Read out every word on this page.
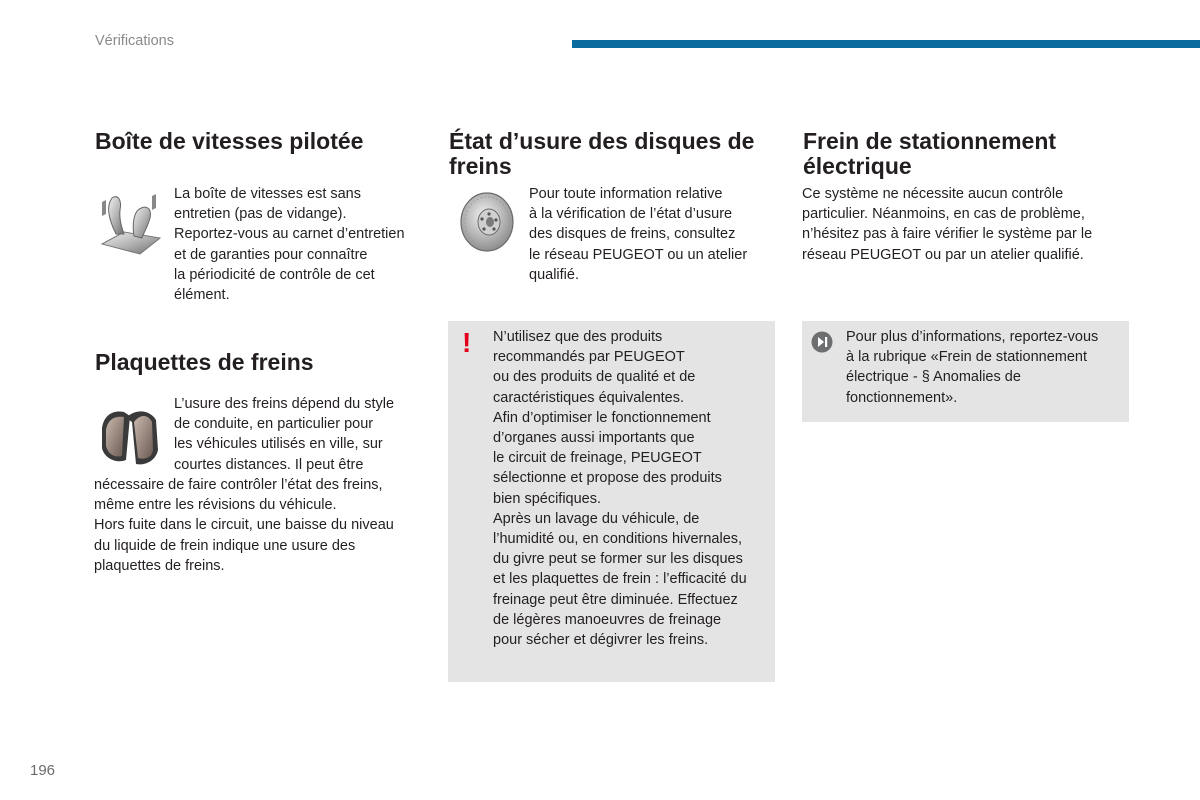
Vérifications
Boîte de vitesses pilotée

La boîte de vitesses est sans

entretien (pas de vidange).

Reportez-vous au carnet d’entretien

et de garanties pour connaître

la périodicité de contrôle de cet

élément.

Plaquettes de freins

L’usure des freins dépend du style

de conduite, en particulier pour

les véhicules utilisés en ville, sur

courtes distances. Il peut être

nécessaire de faire contrôler l’état des freins,

même entre les révisions du véhicule.

Hors fuite dans le circuit, une baisse du niveau

du liquide de frein indique une usure des

plaquettes de freins.

État d’usure des disques de
freins

Pour toute information relative

à la vérification de l’état d’usure

des disques de freins, consultez

le réseau PEUGEOT ou un atelier

qualifié.

! N’utilisez que des produits

recommandés par PEUGEOT

ou des produits de qualité et de

caractéristiques équivalentes.

Afin d’optimiser le fonctionnement

d’organes aussi importants que

le circuit de freinage, PEUGEOT

sélectionne et propose des produits

bien spécifiques.

Après un lavage du véhicule, de

l’humidité ou, en conditions hivernales,

du givre peut se former sur les disques

et les plaquettes de frein : l’efficacité du

freinage peut être diminuée. Effectuez

de légères manoeuvres de freinage

pour sécher et dégivrer les freins.

Frein de stationnement
électrique

Ce système ne nécessite aucun contrôle

particulier. Néanmoins, en cas de problème,

n’hésitez pas à faire vérifier le système par le

réseau PEUGEOT ou par un atelier qualifié.

Pour plus d’informations, reportez-vous

à la rubrique «Frein de stationnement

électrique - § Anomalies de

fonctionnement».

196
